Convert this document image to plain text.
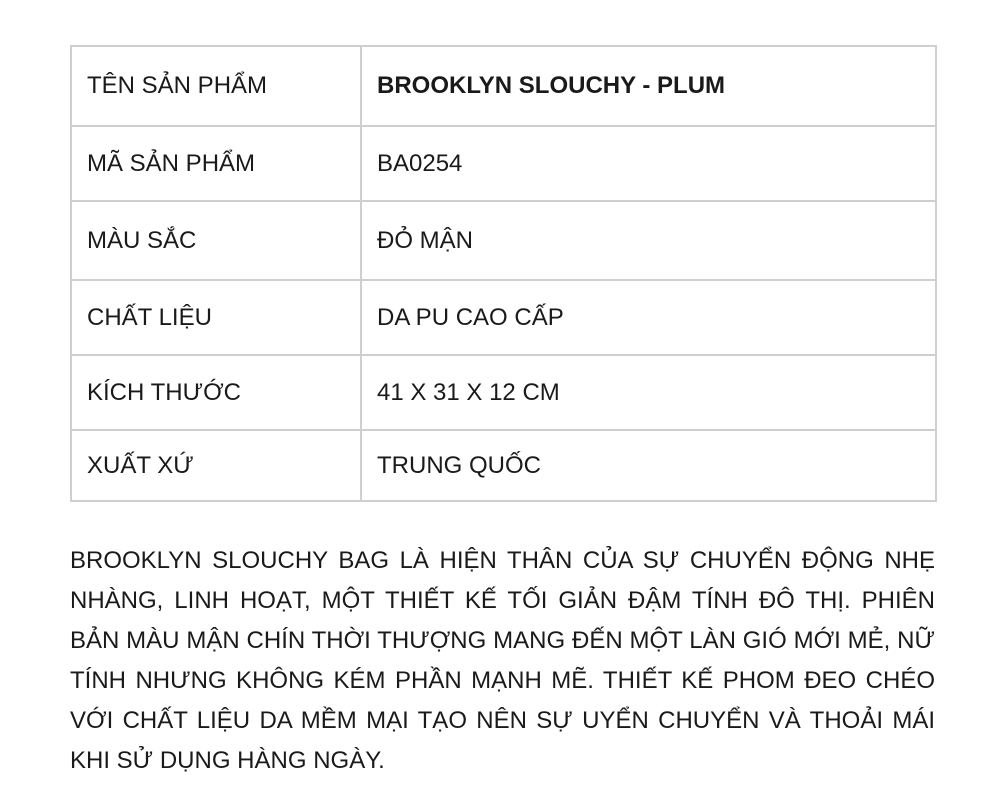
TÊN SẢN PHẨM	BROOKLYN SLOUCHY - PLUM
MÃ SẢN PHẨM	BA0254
MÀU SẮC	ĐỎ MẬN
CHẤT LIỆU	DA PU CAO CẤP
KÍCH THƯỚC	41 X 31 X 12 CM
XUẤT XỨ	TRUNG QUỐC

BROOKLYN SLOUCHY BAG LÀ HIỆN THÂN CỦA SỰ CHUYỂN ĐỘNG NHẸ NHÀNG, LINH HOẠT, MỘT THIẾT KẾ TỐI GIẢN ĐẬM TÍNH ĐÔ THỊ. PHIÊN BẢN MÀU MẬN CHÍN THỜI THƯỢNG MANG ĐẾN MỘT LÀN GIÓ MỚI MẺ, NỮ TÍNH NHƯNG KHÔNG KÉM PHẦN MẠNH MẼ. THIẾT KẾ PHOM ĐEO CHÉO VỚI CHẤT LIỆU DA MỀM MẠI TẠO NÊN SỰ UYỂN CHUYỂN VÀ THOẢI MÁI KHI SỬ DỤNG HÀNG NGÀY.
